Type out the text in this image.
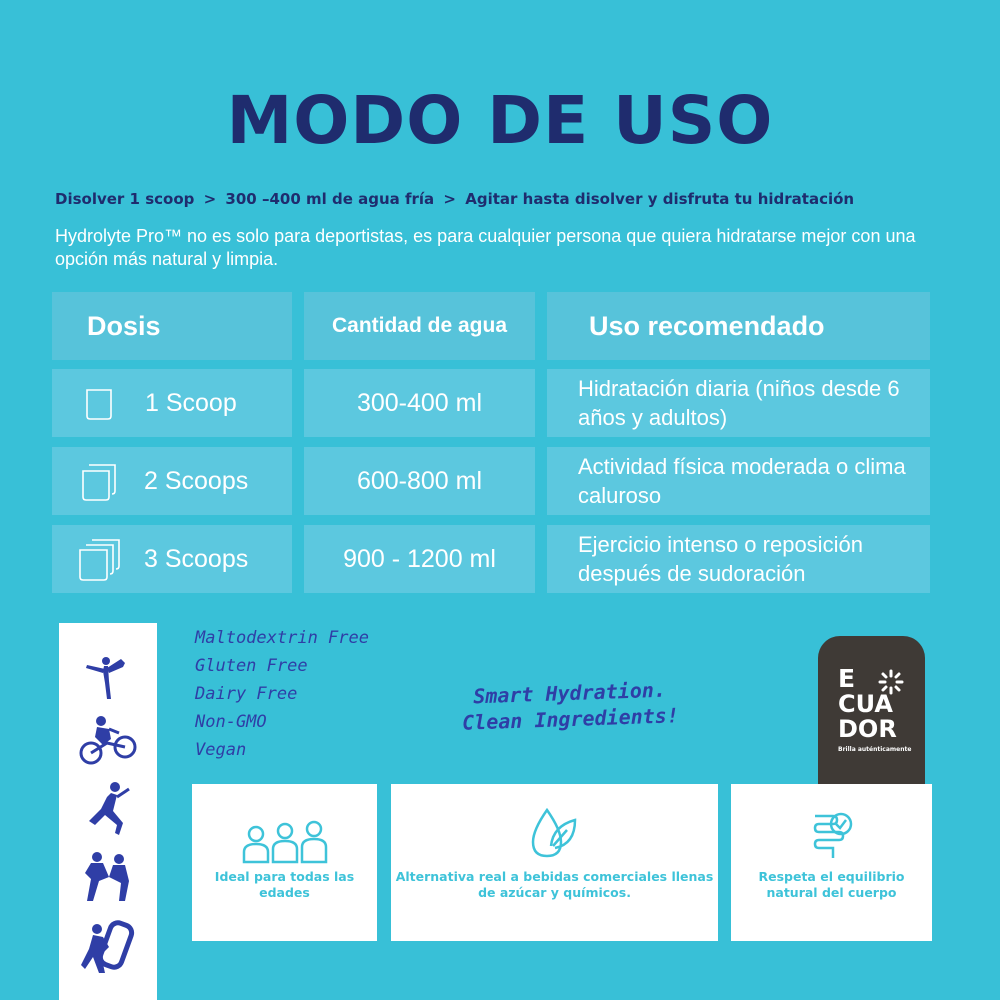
MODO DE USO
Disolver 1 scoop > 300 –400 ml de agua fría > Agitar hasta disolver y disfruta tu hidratación
Hydrolyte Pro™ no es solo para deportistas, es para cualquier persona que quiera hidratarse mejor con una opción más natural y limpia.
Dosis	Cantidad de agua	Uso recomendado
1 Scoop	300-400 ml	Hidratación diaria (niños desde 6 años y adultos)
2 Scoops	600-800 ml	Actividad física moderada o clima caluroso
3 Scoops	900 - 1200 ml	Ejercicio intenso o reposición después de sudoración
Maltodextrin Free
Gluten Free
Dairy Free
Non-GMO
Vegan
Smart Hydration.
Clean Ingredients!
E
CUA
DOR
Brilla auténticamente
Ideal para todas las edades
Alternativa real a bebidas comerciales llenas de azúcar y químicos.
Respeta el equilibrio natural del cuerpo
